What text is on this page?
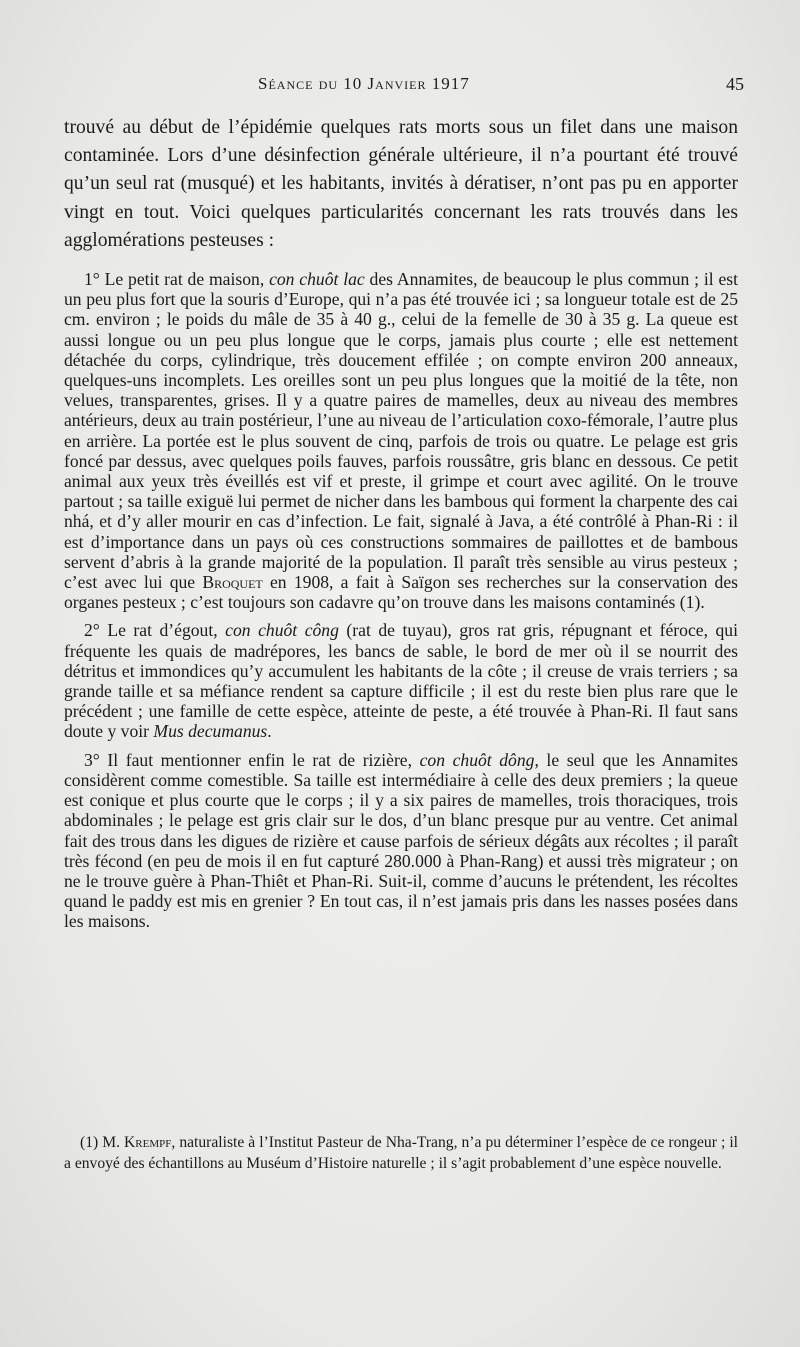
Séance du 10 Janvier 1917	45

trouvé au début de l’épidémie quelques rats morts sous un filet dans une maison contaminée. Lors d’une désinfection générale ultérieure, il n’a pourtant été trouvé qu’un seul rat (musqué) et les habitants, invités à dératiser, n’ont pas pu en apporter vingt en tout. Voici quelques particularités concernant les rats trouvés dans les agglomérations pesteuses :

1° Le petit rat de maison, con chuôt lac des Annamites, de beaucoup le plus commun ; il est un peu plus fort que la souris d’Europe, qui n’a pas été trouvée ici ; sa longueur totale est de 25 cm. environ ; le poids du mâle de 35 à 40 g., celui de la femelle de 30 à 35 g. La queue est aussi longue ou un peu plus longue que le corps, jamais plus courte ; elle est nettement détachée du corps, cylindrique, très doucement effilée ; on compte environ 200 anneaux, quelques-uns incomplets. Les oreilles sont un peu plus longues que la moitié de la tête, non velues, transparentes, grises. Il y a quatre paires de mamelles, deux au niveau des membres antérieurs, deux au train postérieur, l’une au niveau de l’articulation coxo-fémorale, l’autre plus en arrière. La portée est le plus souvent de cinq, parfois de trois ou quatre. Le pelage est gris foncé par dessus, avec quelques poils fauves, parfois roussâtre, gris blanc en dessous. Ce petit animal aux yeux très éveillés est vif et preste, il grimpe et court avec agilité. On le trouve partout ; sa taille exiguë lui permet de nicher dans les bambous qui forment la charpente des cai nhá, et d’y aller mourir en cas d’infection. Le fait, signalé à Java, a été contrôlé à Phan-Ri : il est d’importance dans un pays où ces constructions sommaires de paillottes et de bambous servent d’abris à la grande majorité de la population. Il paraît très sensible au virus pesteux ; c’est avec lui que Broquet en 1908, a fait à Saïgon ses recherches sur la conservation des organes pesteux ; c’est toujours son cadavre qu’on trouve dans les maisons contaminés (1).

2° Le rat d’égout, con chuôt công (rat de tuyau), gros rat gris, répugnant et féroce, qui fréquente les quais de madrépores, les bancs de sable, le bord de mer où il se nourrit des détritus et immondices qu’y accumulent les habitants de la côte ; il creuse de vrais terriers ; sa grande taille et sa méfiance rendent sa capture difficile ; il est du reste bien plus rare que le précédent ; une famille de cette espèce, atteinte de peste, a été trouvée à Phan-Ri. Il faut sans doute y voir Mus decumanus.

3° Il faut mentionner enfin le rat de rizière, con chuôt dông, le seul que les Annamites considèrent comme comestible. Sa taille est intermédiaire à celle des deux premiers ; la queue est conique et plus courte que le corps ; il y a six paires de mamelles, trois thoraciques, trois abdominales ; le pelage est gris clair sur le dos, d’un blanc presque pur au ventre. Cet animal fait des trous dans les digues de rizière et cause parfois de sérieux dégâts aux récoltes ; il paraît très fécond (en peu de mois il en fut capturé 280.000 à Phan-Rang) et aussi très migrateur ; on ne le trouve guère à Phan-Thiêt et Phan-Ri. Suit-il, comme d’aucuns le prétendent, les récoltes quand le paddy est mis en grenier ? En tout cas, il n’est jamais pris dans les nasses posées dans les maisons.

(1) M. Krempf, naturaliste à l’Institut Pasteur de Nha-Trang, n’a pu déterminer l’espèce de ce rongeur ; il a envoyé des échantillons au Muséum d’Histoire naturelle ; il s’agit probablement d’une espèce nouvelle.
